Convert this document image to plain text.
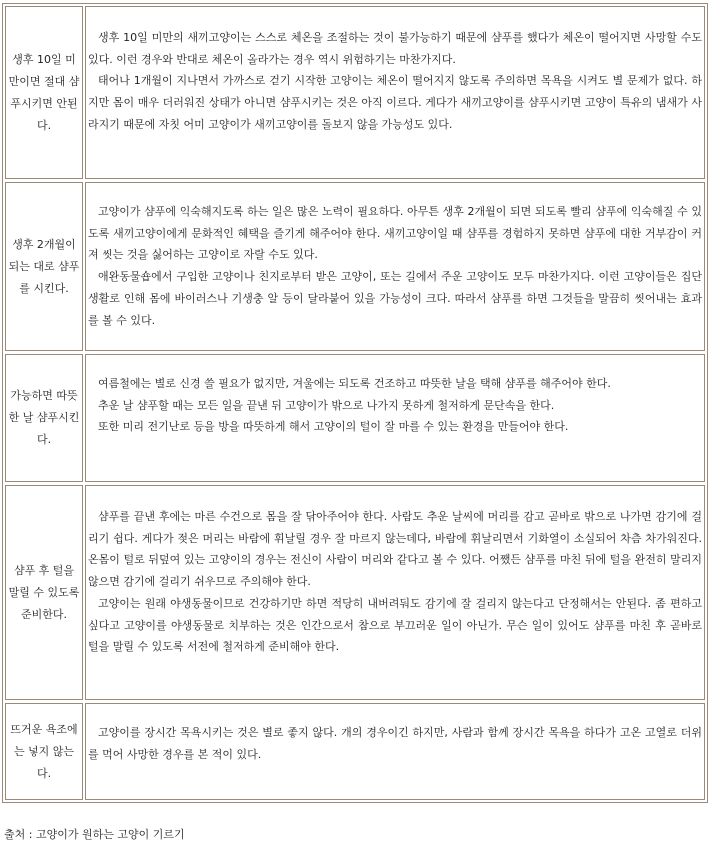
생후 10일 미만이면 절대 샴푸시키면 안된다.

생후 10일 미만의 새끼고양이는 스스로 체온을 조절하는 것이 불가능하기 때문에 샴푸를 했다가 체온이 떨어지면 사망할 수도 있다. 이런 경우와 반대로 체온이 올라가는 경우 역시 위험하기는 마찬가지다.

태어나 1개월이 지나면서 가까스로 걷기 시작한 고양이는 체온이 떨어지지 않도록 주의하면 목욕을 시켜도 별 문제가 없다. 하지만 몸이 매우 더러워진 상태가 아니면 샴푸시키는 것은 아직 이르다. 게다가 새끼고양이를 샴푸시키면 고양이 특유의 냄새가 사라지기 때문에 자칫 어미 고양이가 새끼고양이를 돌보지 않을 가능성도 있다.

생후 2개월이 되는 대로 샴푸를 시킨다.

고양이가 샴푸에 익숙해지도록 하는 일은 많은 노력이 필요하다. 아무튼 생후 2개월이 되면 되도록 빨리 샴푸에 익숙해질 수 있도록 새끼고양이에게 문화적인 혜택을 즐기게 해주어야 한다. 새끼고양이일 때 샴푸를 경험하지 못하면 샴푸에 대한 거부감이 커져 씻는 것을 싫어하는 고양이로 자랄 수도 있다.

애완동물숍에서 구입한 고양이나 친지로부터 받은 고양이, 또는 길에서 주운 고양이도 모두 마찬가지다. 이런 고양이들은 집단생활로 인해 몸에 바이러스나 기생충 알 등이 달라붙어 있을 가능성이 크다. 따라서 샴푸를 하면 그것들을 말끔히 씻어내는 효과를 볼 수 있다.

가능하면 따뜻한 날 샴푸시킨다.

여름철에는 별로 신경 쓸 필요가 없지만, 겨울에는 되도록 건조하고 따뜻한 날을 택해 샴푸를 해주어야 한다.

추운 날 샴푸할 때는 모든 일을 끝낸 뒤 고양이가 밖으로 나가지 못하게 철저하게 문단속을 한다.

또한 미리 전기난로 등을 방을 따뜻하게 해서 고양이의 털이 잘 마를 수 있는 환경을 만들어야 한다.

샴푸 후 털을 말릴 수 있도록 준비한다.

샴푸를 끝낸 후에는 마른 수건으로 몸을 잘 닦아주어야 한다. 사람도 추운 날씨에 머리를 감고 곧바로 밖으로 나가면 감기에 걸리기 쉽다. 게다가 젖은 머리는 바람에 휘날릴 경우 잘 마르지 않는데다, 바람에 휘날리면서 기화열이 소실되어 차츰 차가워진다. 온몸이 털로 뒤덮여 있는 고양이의 경우는 전신이 사람이 머리와 같다고 볼 수 있다. 어쨌든 샴푸를 마친 뒤에 털을 완전히 말리지 않으면 감기에 걸리기 쉬우므로 주의해야 한다.

고양이는 원래 야생동물이므로 건강하기만 하면 적당히 내버려둬도 감기에 잘 걸리지 않는다고 단정해서는 안된다. 좀 편하고 싶다고 고양이를 야생동물로 치부하는 것은 인간으로서 참으로 부끄러운 일이 아닌가. 무슨 일이 있어도 샴푸를 마친 후 곧바로 털을 말릴 수 있도록 서전에 철저하게 준비해야 한다.

뜨거운 욕조에는 넣지 않는다.

고양이를 장시간 목욕시키는 것은 별로 좋지 않다. 개의 경우이긴 하지만, 사람과 함께 장시간 목욕을 하다가 고온 고열로 더위를 먹어 사망한 경우를 본 적이 있다.

출처 : 고양이가 원하는 고양이 기르기
